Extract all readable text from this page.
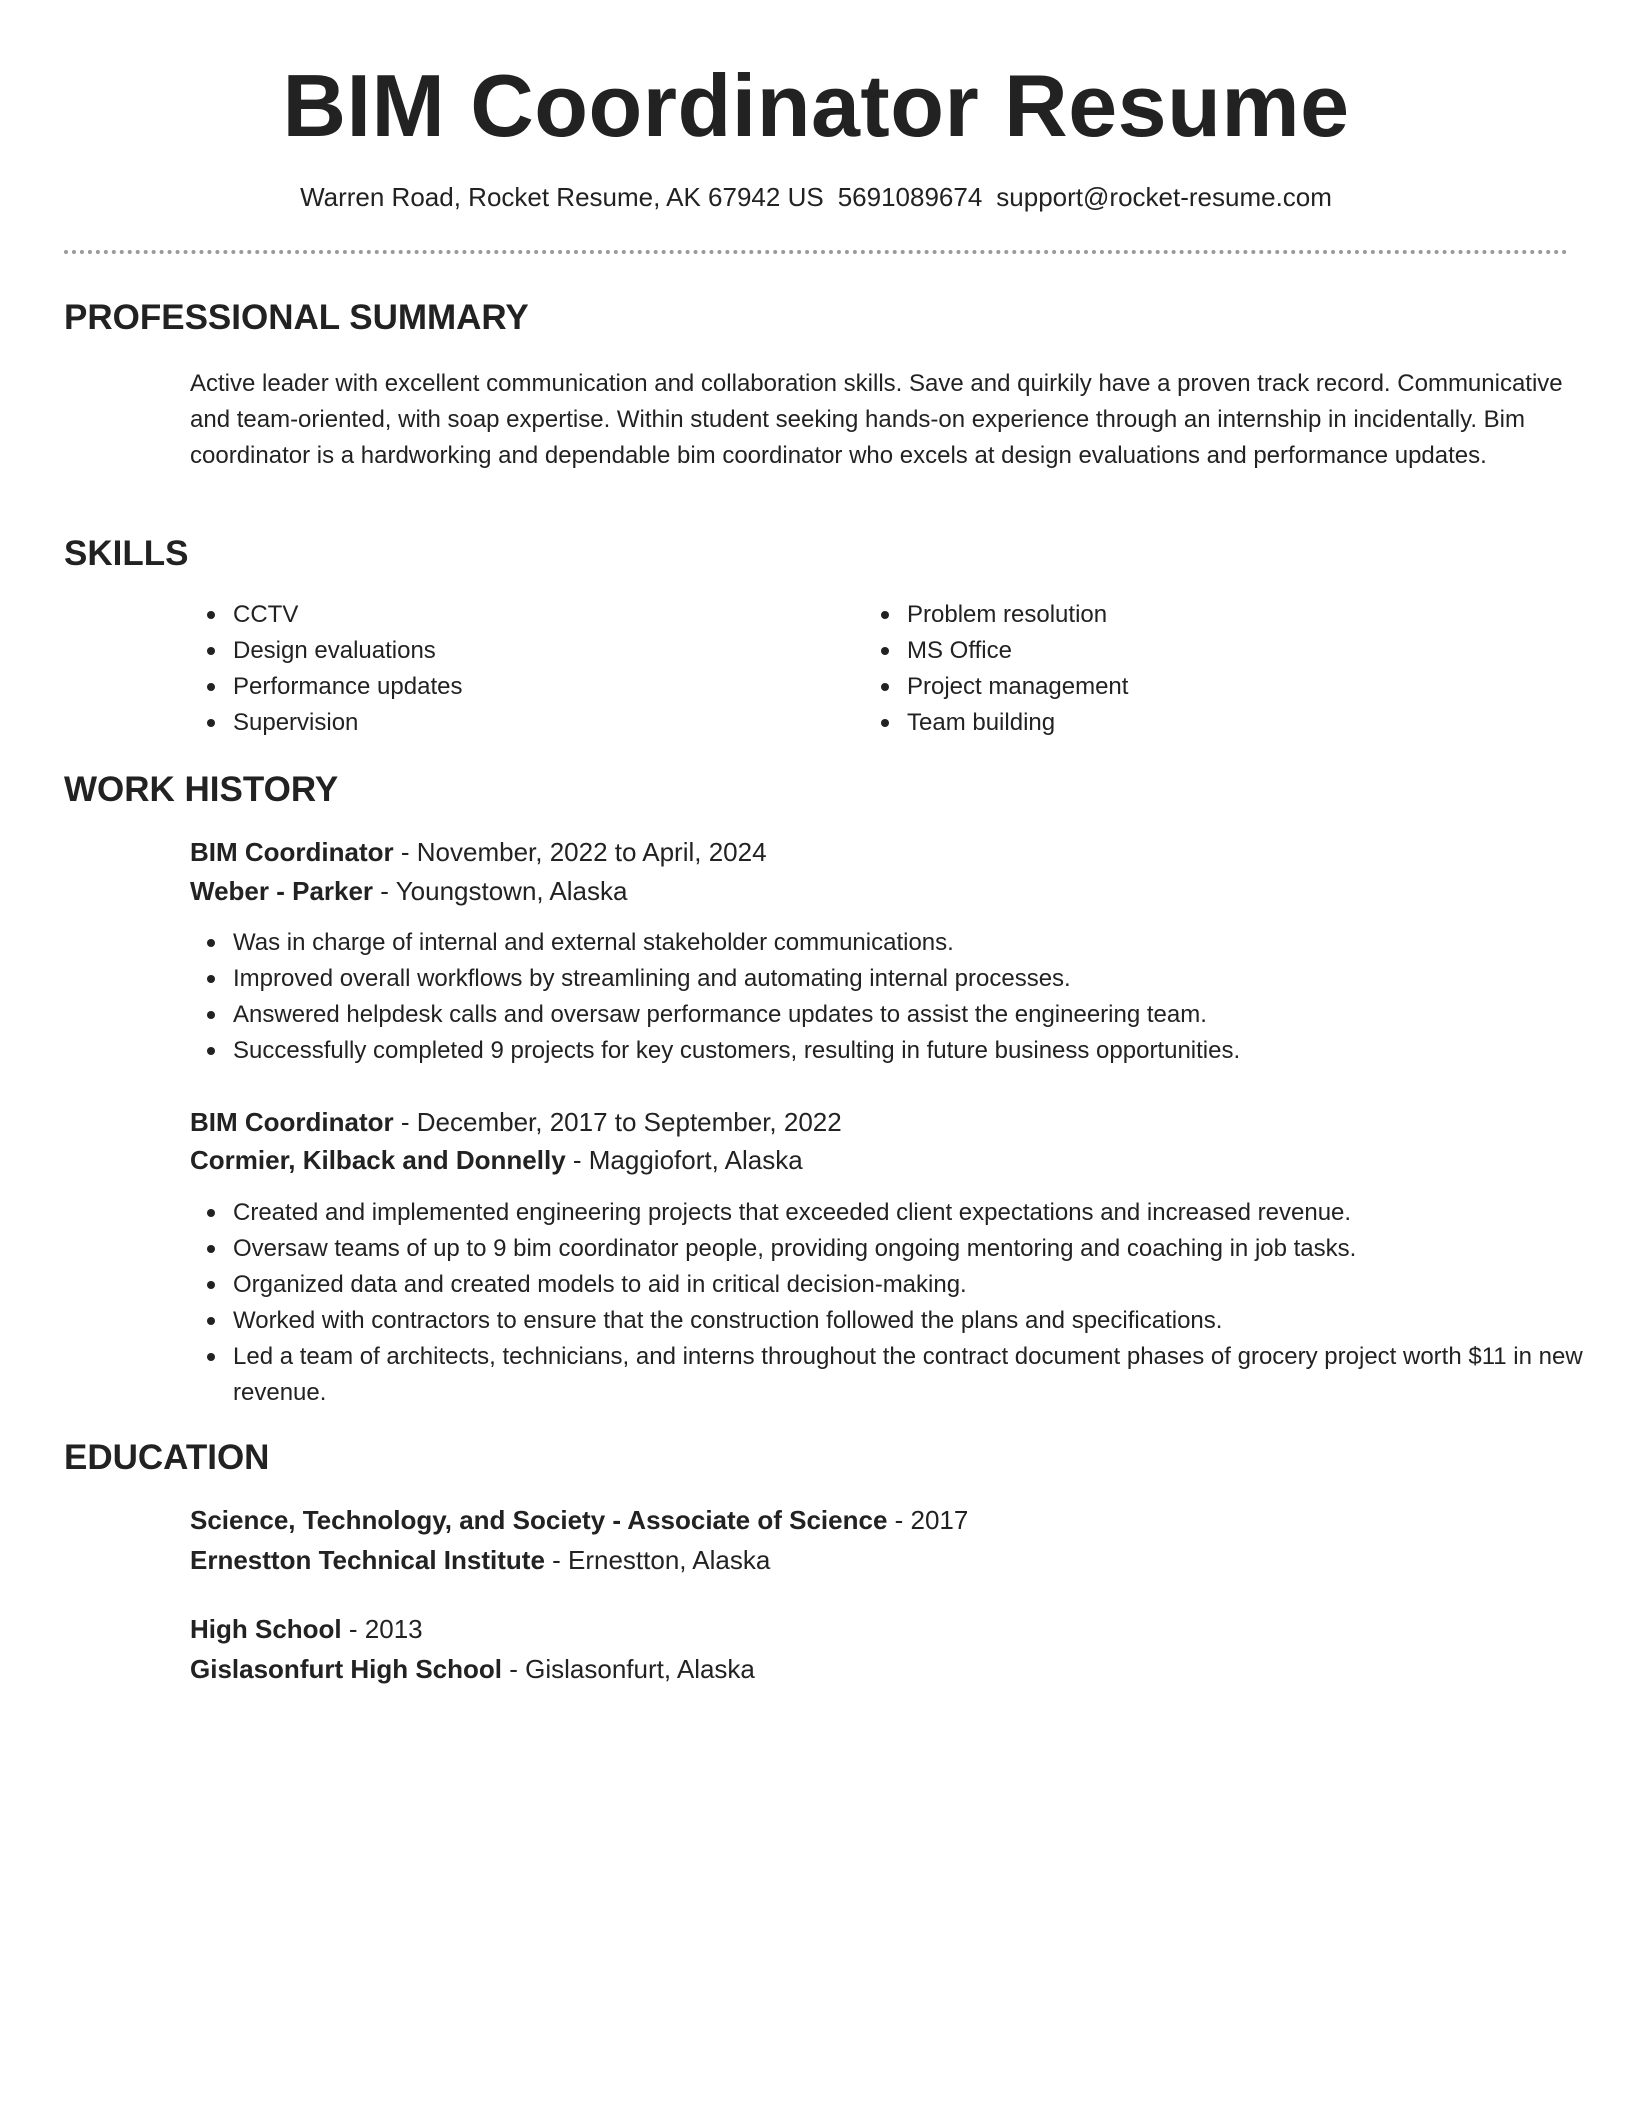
BIM Coordinator Resume
Warren Road, Rocket Resume, AK 67942 US 5691089674 support@rocket-resume.com
PROFESSIONAL SUMMARY

Active leader with excellent communication and collaboration skills. Save and quirkily have a proven track record. Communicative and team-oriented, with soap expertise. Within student seeking hands-on experience through an internship in incidentally. Bim coordinator is a hardworking and dependable bim coordinator who excels at design evaluations and performance updates.

SKILLS
CCTV
Design evaluations
Performance updates
Supervision
Problem resolution
MS Office
Project management
Team building
WORK HISTORY
BIM Coordinator - November, 2022 to April, 2024
Weber - Parker - Youngstown, Alaska
Was in charge of internal and external stakeholder communications.
Improved overall workflows by streamlining and automating internal processes.
Answered helpdesk calls and oversaw performance updates to assist the engineering team.
Successfully completed 9 projects for key customers, resulting in future business opportunities.
BIM Coordinator - December, 2017 to September, 2022
Cormier, Kilback and Donnelly - Maggiofort, Alaska
Created and implemented engineering projects that exceeded client expectations and increased revenue.
Oversaw teams of up to 9 bim coordinator people, providing ongoing mentoring and coaching in job tasks.
Organized data and created models to aid in critical decision-making.
Worked with contractors to ensure that the construction followed the plans and specifications.
Led a team of architects, technicians, and interns throughout the contract document phases of grocery project worth $11 in new revenue.
EDUCATION
Science, Technology, and Society - Associate of Science - 2017
Ernestton Technical Institute - Ernestton, Alaska
High School - 2013
Gislasonfurt High School - Gislasonfurt, Alaska
